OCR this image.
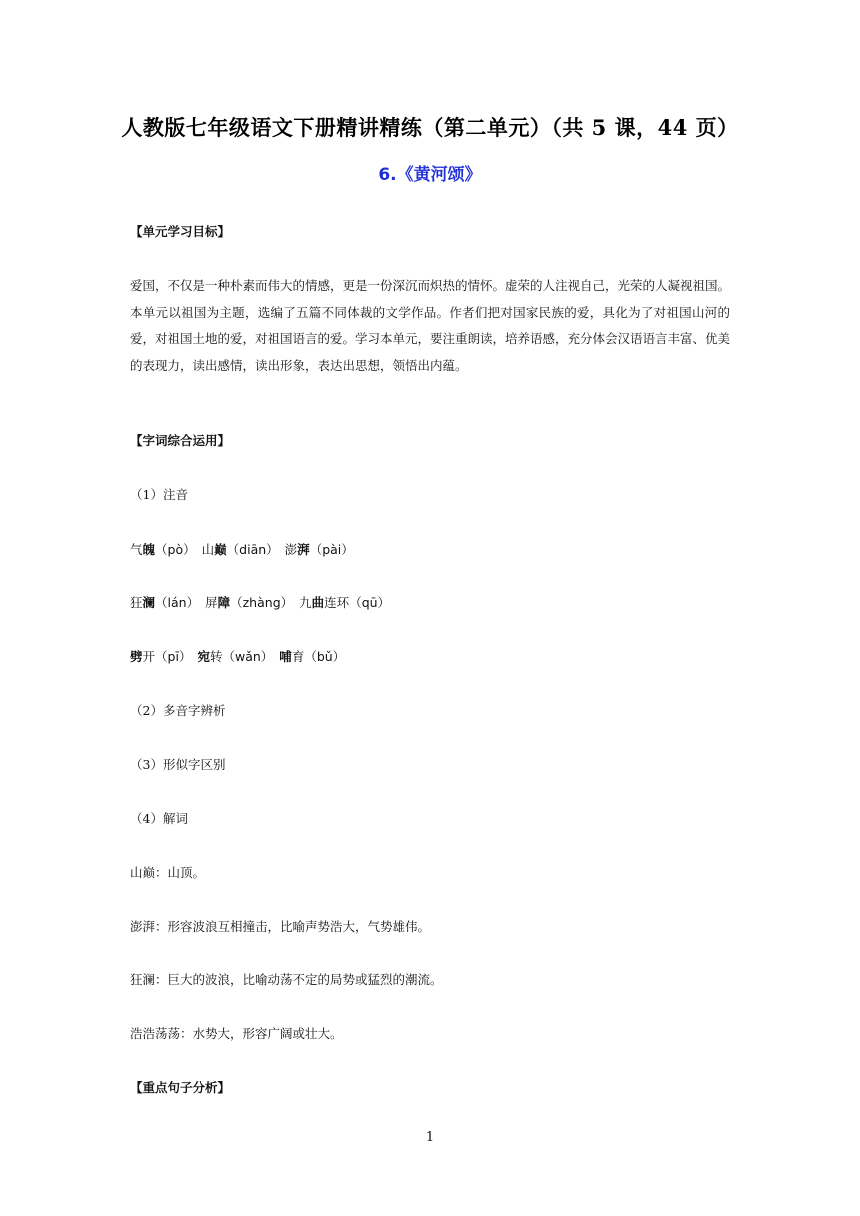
人教版七年级语文下册精讲精练（第二单元）（共 5 课，44 页）
6.《黄河颂》
【单元学习目标】
爱国，不仅是一种朴素而伟大的情感，更是一份深沉而炽热的情怀。虚荣的人注视自己，光荣的人凝视祖国。本单元以祖国为主题，选编了五篇不同体裁的文学作品。作者们把对国家民族的爱，具化为了对祖国山河的爱，对祖国土地的爱，对祖国语言的爱。学习本单元，要注重朗读，培养语感，充分体会汉语语言丰富、优美的表现力，读出感情，读出形象，表达出思想，领悟出内蕴。
【字词综合运用】
（1）注音
气魄（pò） 山巅（diān） 澎湃（pài）
狂澜（lán） 屏障（zhàng） 九曲连环（qū）
劈开（pī） 宛转（wǎn） 哺育（bǔ）
（2）多音字辨析
（3）形似字区别
（4）解词
山巅：山顶。
澎湃：形容波浪互相撞击，比喻声势浩大，气势雄伟。
狂澜：巨大的波浪，比喻动荡不定的局势或猛烈的潮流。
浩浩荡荡：水势大，形容广阔或壮大。
【重点句子分析】
1
